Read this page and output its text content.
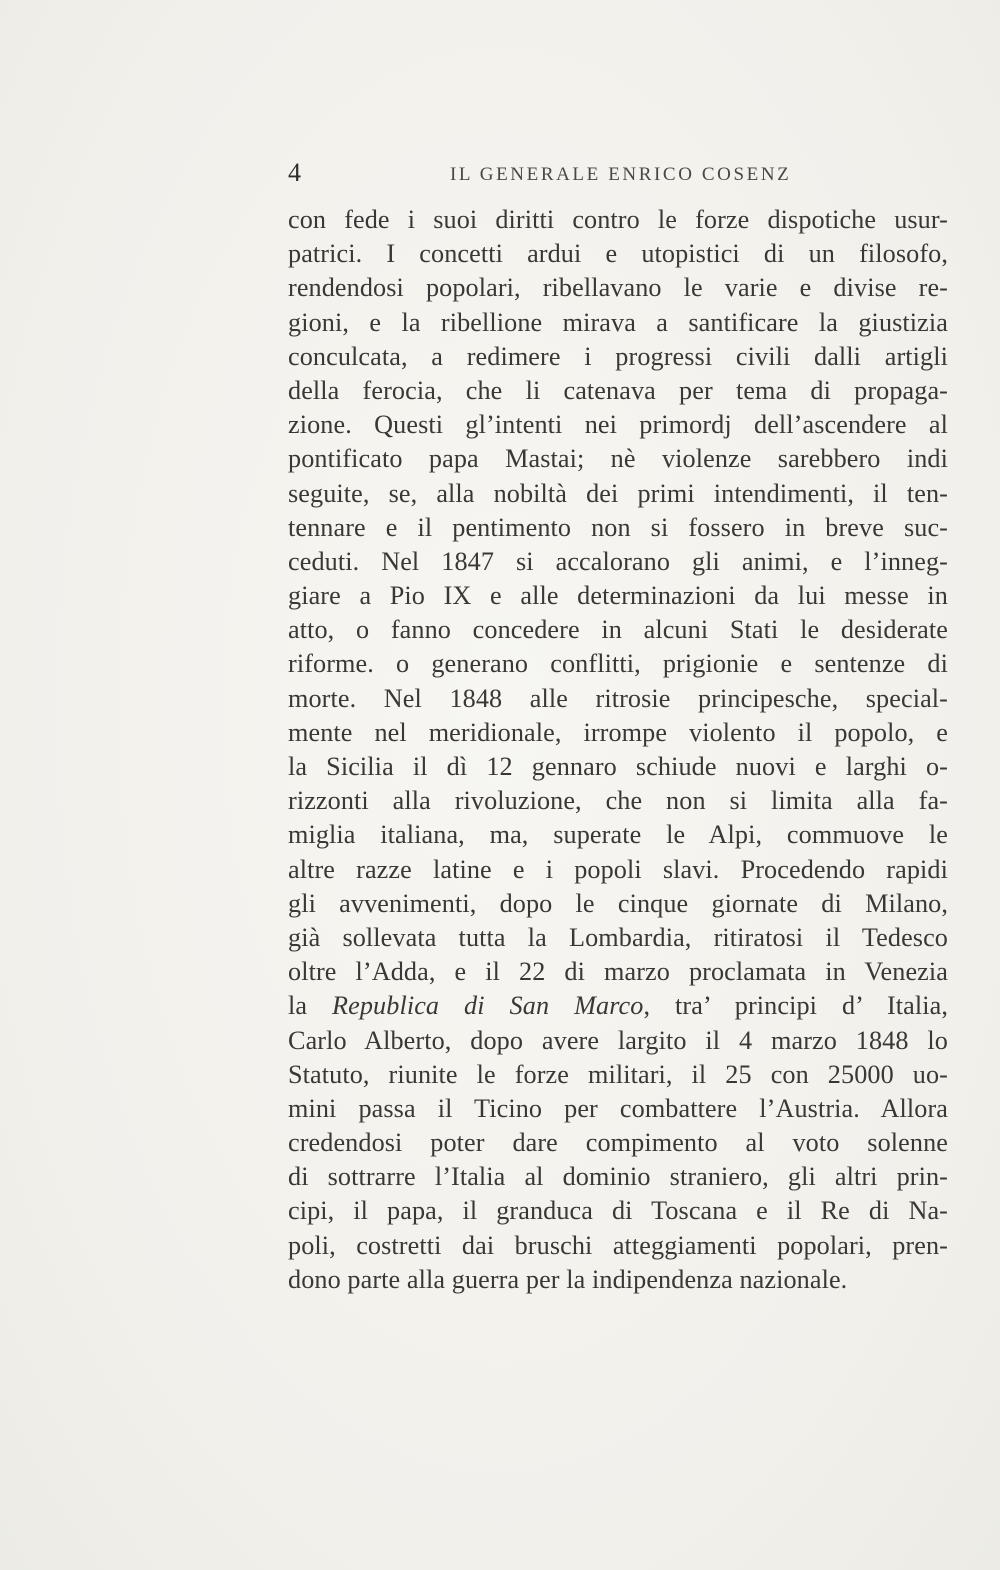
4	IL GENERALE ENRICO COSENZ
con fede i suoi diritti contro le forze dispotiche usur-
patrici. I concetti ardui e utopistici di un filosofo,
rendendosi popolari, ribellavano le varie e divise re-
gioni, e la ribellione mirava a santificare la giustizia
conculcata, a redimere i progressi civili dalli artigli
della ferocia, che li catenava per tema di propaga-
zione. Questi gl’intenti nei primordj dell’ascendere al
pontificato papa Mastai; nè violenze sarebbero indi
seguite, se, alla nobiltà dei primi intendimenti, il ten-
tennare e il pentimento non si fossero in breve suc-
ceduti. Nel 1847 si accalorano gli animi, e l’inneg-
giare a Pio IX e alle determinazioni da lui messe in
atto, o fanno concedere in alcuni Stati le desiderate
riforme. o generano conflitti, prigionie e sentenze di
morte. Nel 1848 alle ritrosie principesche, special-
mente nel meridionale, irrompe violento il popolo, e
la Sicilia il dì 12 gennaro schiude nuovi e larghi o-
rizzonti alla rivoluzione, che non si limita alla fa-
miglia italiana, ma, superate le Alpi, commuove le
altre razze latine e i popoli slavi. Procedendo rapidi
gli avvenimenti, dopo le cinque giornate di Milano,
già sollevata tutta la Lombardia, ritiratosi il Tedesco
oltre l’Adda, e il 22 di marzo proclamata in Venezia
la Republica di San Marco, tra’ principi d’ Italia,
Carlo Alberto, dopo avere largito il 4 marzo 1848 lo
Statuto, riunite le forze militari, il 25 con 25000 uo-
mini passa il Ticino per combattere l’Austria. Allora
credendosi poter dare compimento al voto solenne
di sottrarre l’Italia al dominio straniero, gli altri prin-
cipi, il papa, il granduca di Toscana e il Re di Na-
poli, costretti dai bruschi atteggiamenti popolari, pren-
dono parte alla guerra per la indipendenza nazionale.
